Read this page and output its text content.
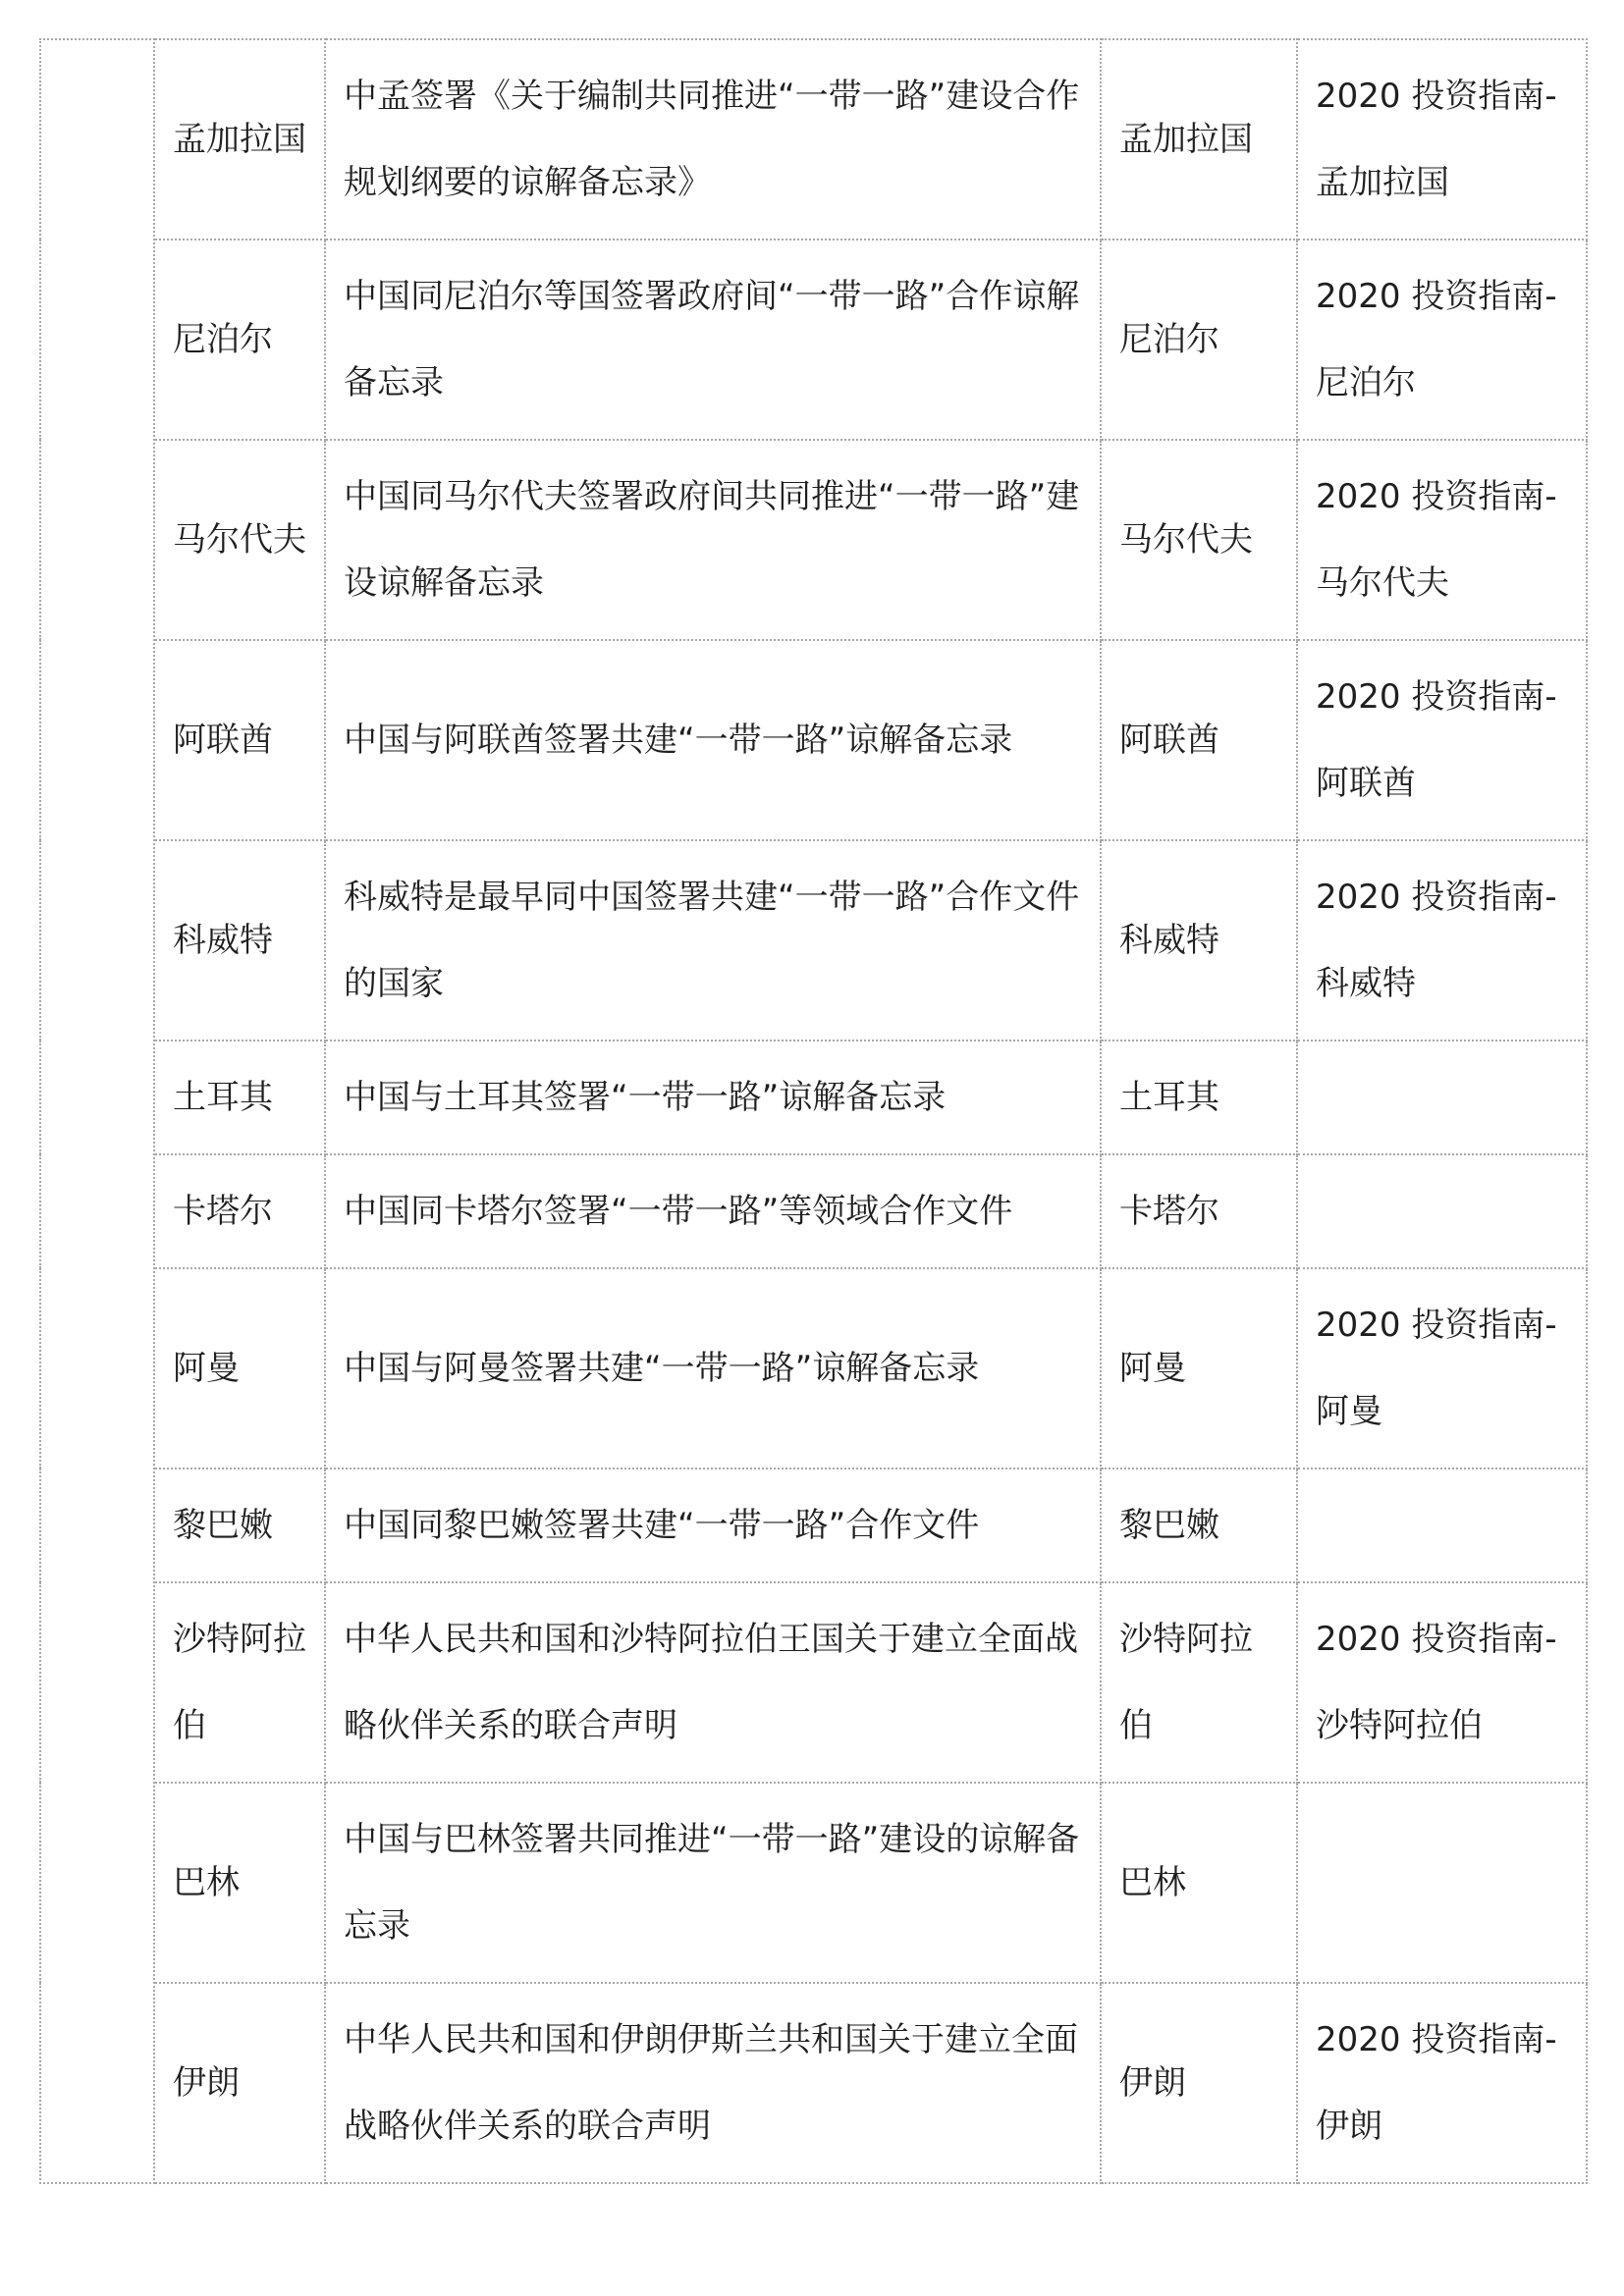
	孟加拉国	中孟签署《关于编制共同推进“一带一路”建设合作规划纲要的谅解备忘录》	孟加拉国	2020 投资指南-孟加拉国
	尼泊尔	中国同尼泊尔等国签署政府间“一带一路”合作谅解备忘录	尼泊尔	2020 投资指南-尼泊尔
	马尔代夫	中国同马尔代夫签署政府间共同推进“一带一路”建设谅解备忘录	马尔代夫	2020 投资指南-马尔代夫
	阿联酋	中国与阿联酋签署共建“一带一路”谅解备忘录	阿联酋	2020 投资指南-阿联酋
	科威特	科威特是最早同中国签署共建“一带一路”合作文件的国家	科威特	2020 投资指南-科威特
	土耳其	中国与土耳其签署“一带一路”谅解备忘录	土耳其	
	卡塔尔	中国同卡塔尔签署“一带一路”等领域合作文件	卡塔尔	
	阿曼	中国与阿曼签署共建“一带一路”谅解备忘录	阿曼	2020 投资指南-阿曼
	黎巴嫩	中国同黎巴嫩签署共建“一带一路”合作文件	黎巴嫩	
	沙特阿拉伯	中华人民共和国和沙特阿拉伯王国关于建立全面战略伙伴关系的联合声明	沙特阿拉伯	2020 投资指南-沙特阿拉伯
	巴林	中国与巴林签署共同推进“一带一路”建设的谅解备忘录	巴林	
	伊朗	中华人民共和国和伊朗伊斯兰共和国关于建立全面战略伙伴关系的联合声明	伊朗	2020 投资指南-伊朗
